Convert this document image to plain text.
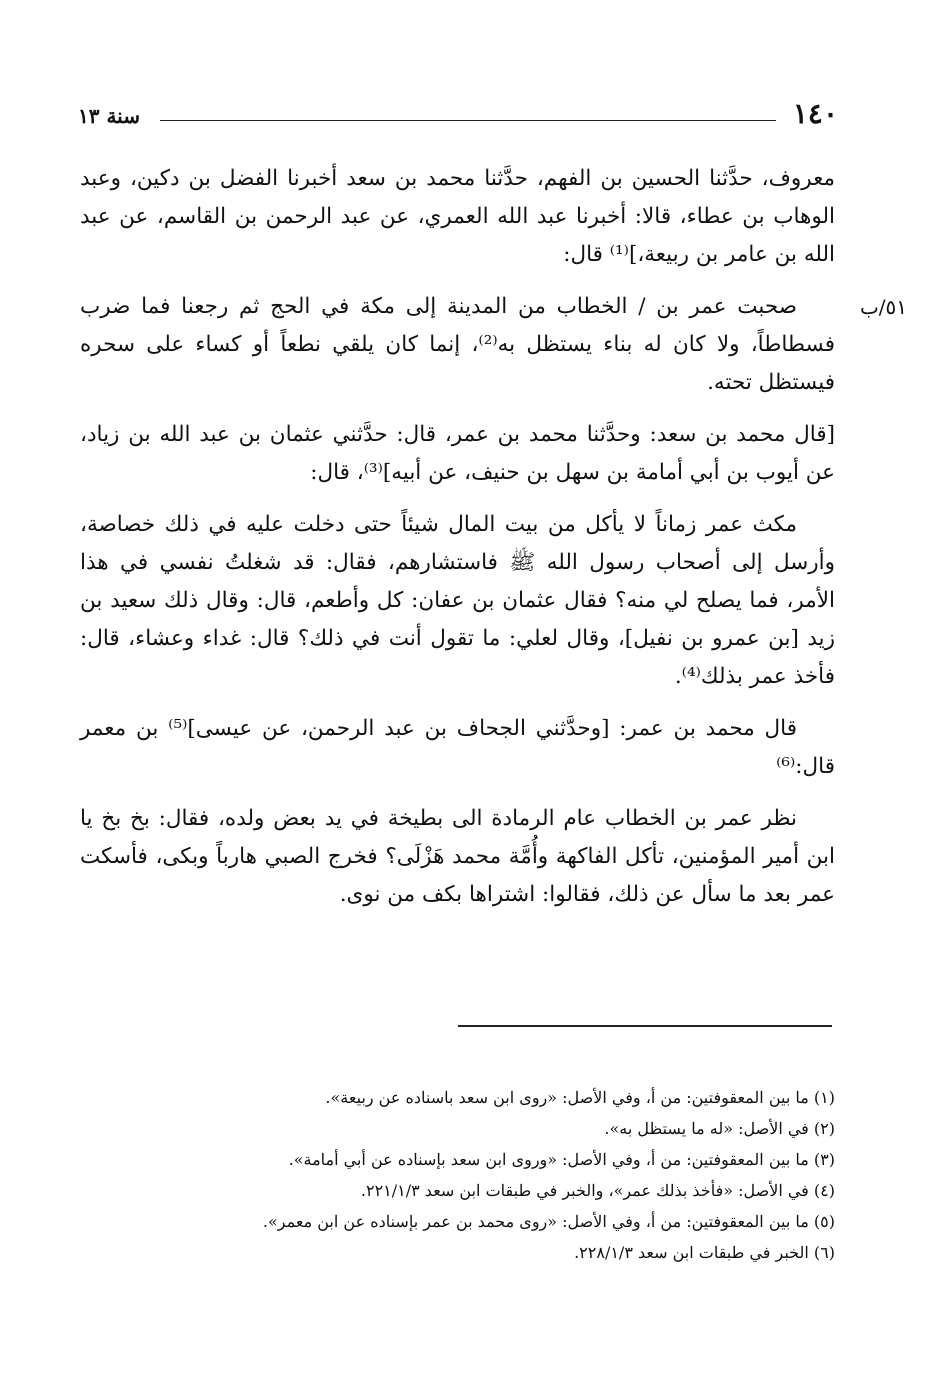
١٤٠
سنة ١٣

معروف، حدَّثنا الحسين بن الفهم، حدَّثنا محمد بن سعد أخبرنا الفضل بن دكين، وعبد الوهاب بن عطاء، قالا: أخبرنا عبد الله العمري، عن عبد الرحمن بن القاسم، عن عبد الله بن عامر بن ربيعة،]⁽¹⁾ قال:

٥١/ب

صحبت عمر بن / الخطاب من المدينة إلى مكة في الحج ثم رجعنا فما ضرب فسطاطاً، ولا كان له بناء يستظل به⁽²⁾، إنما كان يلقي نطعاً أو كساء على سحره فيستظل تحته.

[قال محمد بن سعد: وحدَّثنا محمد بن عمر، قال: حدَّثني عثمان بن عبد الله بن زياد، عن أيوب بن أبي أمامة بن سهل بن حنيف، عن أبيه]⁽³⁾، قال:

مكث عمر زماناً لا يأكل من بيت المال شيئاً حتى دخلت عليه في ذلك خصاصة، وأرسل إلى أصحاب رسول الله ﷺ فاستشارهم، فقال: قد شغلتُ نفسي في هذا الأمر، فما يصلح لي منه؟ فقال عثمان بن عفان: كل وأطعم، قال: وقال ذلك سعيد بن زيد [بن عمرو بن نفيل]، وقال لعلي: ما تقول أنت في ذلك؟ قال: غداء وعشاء، قال: فأخذ عمر بذلك⁽⁴⁾.

قال محمد بن عمر: [وحدَّثني الجحاف بن عبد الرحمن، عن عيسى]⁽⁵⁾ بن معمر قال:⁽⁶⁾

نظر عمر بن الخطاب عام الرمادة الى بطيخة في يد بعض ولده، فقال: بخ بخ يا ابن أمير المؤمنين، تأكل الفاكهة وأُمَّة محمد هَزْلَى؟ فخرج الصبي هارباً وبكى، فأسكت عمر بعد ما سأل عن ذلك، فقالوا: اشتراها بكف من نوى.

(١) ما بين المعقوفتين: من أ، وفي الأصل: «روى ابن سعد باسناده عن ربيعة».

(٢) في الأصل: «له ما يستظل به».

(٣) ما بين المعقوفتين: من أ، وفي الأصل: «وروى ابن سعد بإسناده عن أبي أمامة».

(٤) في الأصل: «فأخذ بذلك عمر»، والخبر في طبقات ابن سعد ٢٢١/١/٣.

(٥) ما بين المعقوفتين: من أ، وفي الأصل: «روى محمد بن عمر بإسناده عن ابن معمر».

(٦) الخبر في طبقات ابن سعد ٢٢٨/١/٣.
